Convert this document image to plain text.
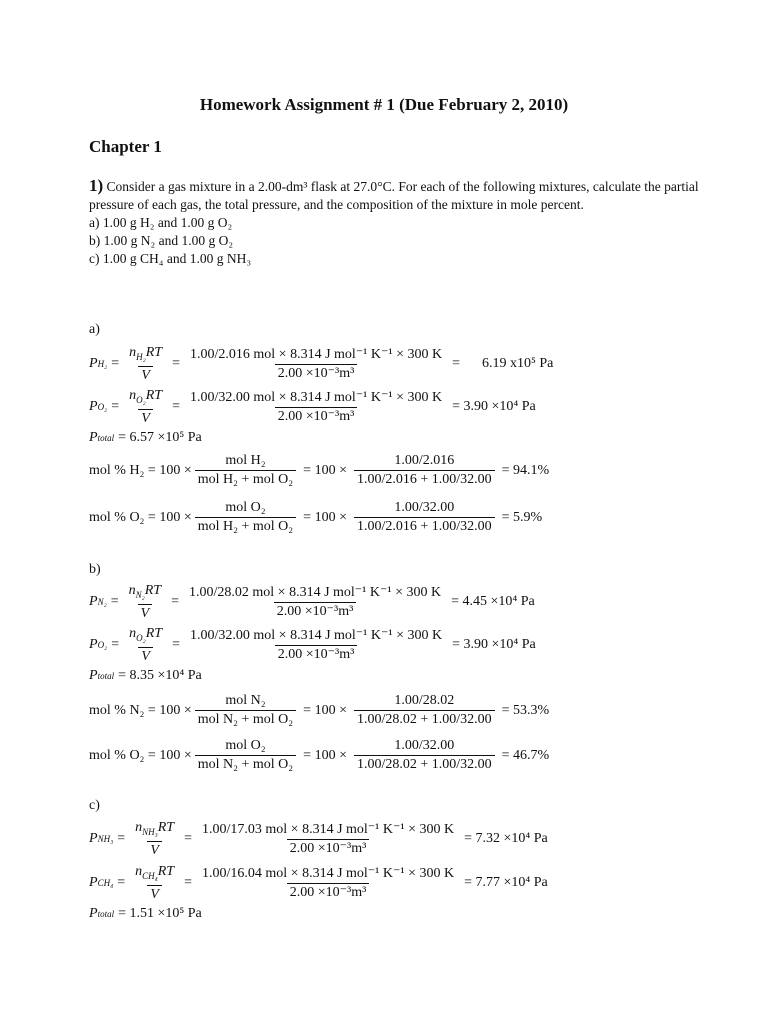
Homework Assignment # 1 (Due February 2, 2010)
Chapter 1
1) Consider a gas mixture in a 2.00-dm³ flask at 27.0°C. For each of the following mixtures, calculate the partial pressure of each gas, the total pressure, and the composition of the mixture in mole percent.
a) 1.00 g H₂ and 1.00 g O₂
b) 1.00 g N₂ and 1.00 g O₂
c) 1.00 g CH₄ and 1.00 g NH₃
a)
P $H_2 = \frac{n_{H_2}RT}{V} = \frac{\text{1.00/2.016 mol × 8.314 J mol⁻¹ K⁻¹ × 300 K}}{\text{2.00 ×10⁻³m³}} = 6.19$ x10⁵ Pa
P $O_2 = \frac{n_{O_2}RT}{V} = \frac{\text{1.00/32.00 mol × 8.314 J mol⁻¹ K⁻¹ × 300 K}}{\text{2.00 ×10⁻³m³}} = 3.90 \times 10^4$ Pa
P total = 6.57 ×10⁵ Pa
mol % $H_2 = 100 \times \frac{\text{mol H₂}}{\text{mol H₂ + mol O₂}} = 100 \times \frac{1.00/2.016}{1.00/2.016 + 1.00/32.00} = 94.1\%$
mol % $O_2 = 100 \times \frac{\text{mol O₂}}{\text{mol H₂ + mol O₂}} = 100 \times \frac{1.00/32.00}{1.00/2.016 + 1.00/32.00} = 5.9\%$
b)
P $N_2 = \frac{n_{N_2}RT}{V} = \frac{\text{1.00/28.02 mol × 8.314 J mol⁻¹ K⁻¹ × 300 K}}{\text{2.00 ×10⁻³m³}} = 4.45 \times 10^4$ Pa
P $O_2 = \frac{n_{O_2}RT}{V} = \frac{\text{1.00/32.00 mol × 8.314 J mol⁻¹ K⁻¹ × 300 K}}{\text{2.00 ×10⁻³m³}} = 3.90 \times 10^4$ Pa
P total = 8.35 ×10⁴ Pa
mol % $N_2 = 100 \times \frac{\text{mol N₂}}{\text{mol N₂ + mol O₂}} = 100 \times \frac{1.00/28.02}{1.00/28.02 + 1.00/32.00} = 53.3\%$
mol % $O_2 = 100 \times \frac{\text{mol O₂}}{\text{mol N₂ + mol O₂}} = 100 \times \frac{1.00/32.00}{1.00/28.02 + 1.00/32.00} = 46.7\%$
c)
P $NH_3 = \frac{n_{NH_3}RT}{V} = \frac{\text{1.00/17.03 mol × 8.314 J mol⁻¹ K⁻¹ × 300 K}}{\text{2.00 ×10⁻³m³}} = 7.32 \times 10^4$ Pa
P $CH_4 = \frac{n_{CH_4}RT}{V} = \frac{\text{1.00/16.04 mol × 8.314 J mol⁻¹ K⁻¹ × 300 K}}{\text{2.00 ×10⁻³m³}} = 7.77 \times 10^4$ Pa
P total = 1.51 ×10⁵ Pa
